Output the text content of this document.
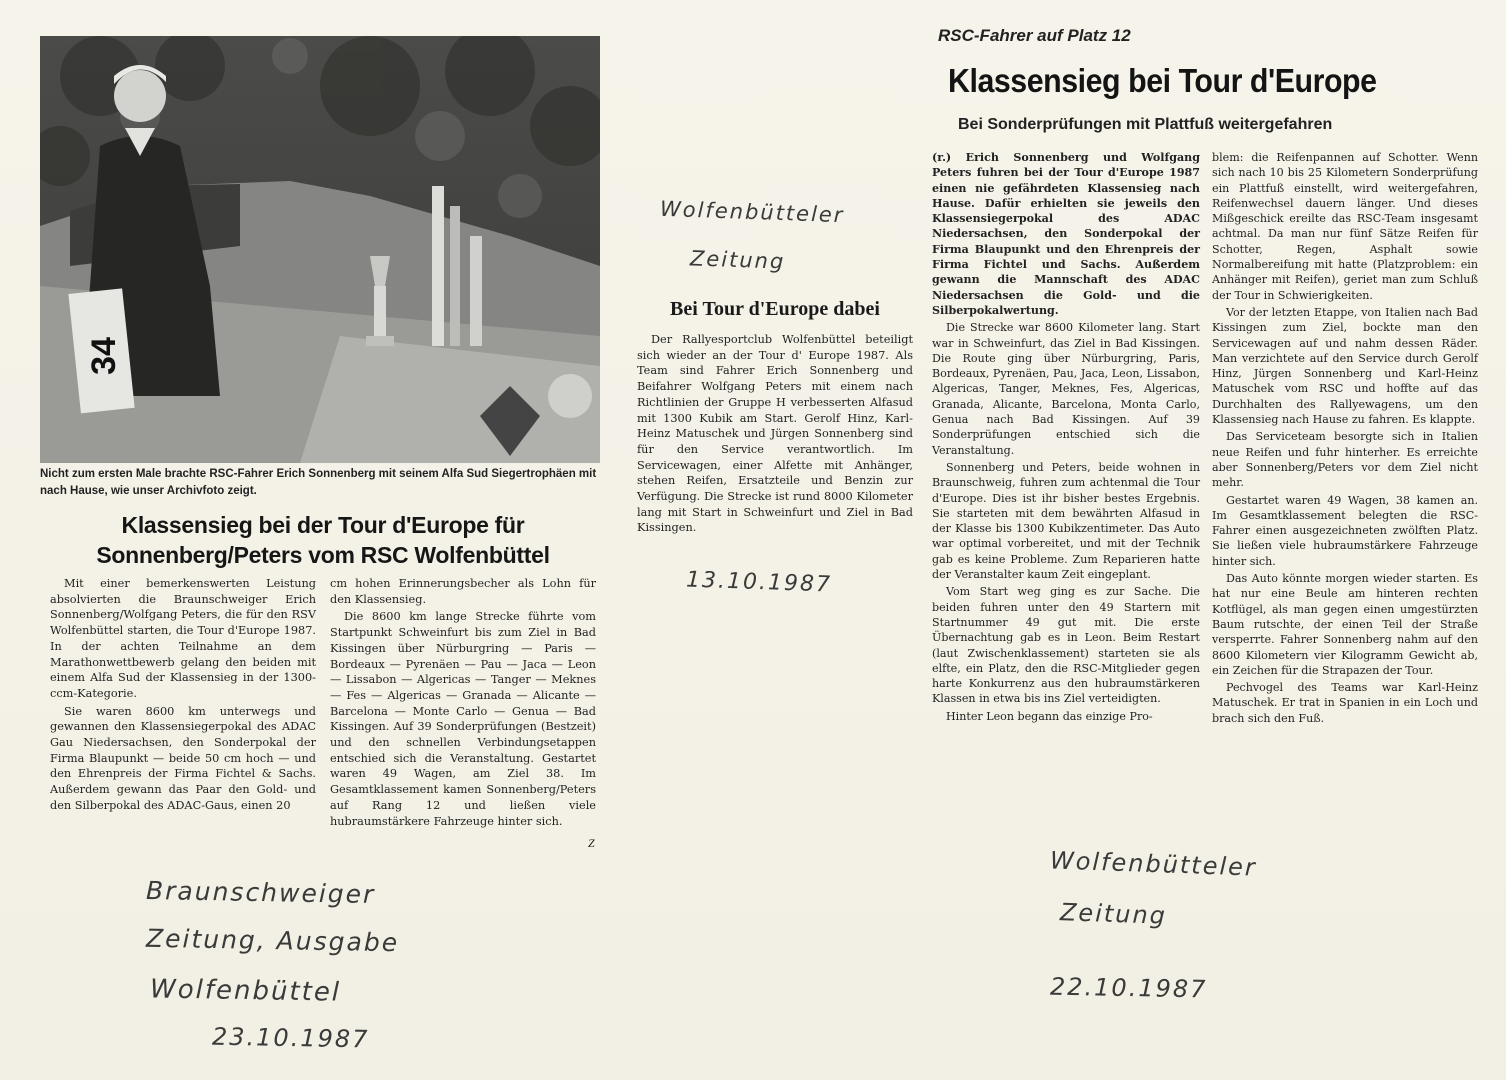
34
Nicht zum ersten Male brachte RSC-Fahrer Erich Sonnenberg mit seinem Alfa Sud Siegertrophäen mit nach Hause, wie unser Archivfoto zeigt.
Klassensieg bei der Tour d'Europe für Sonnenberg/Peters vom RSC Wolfenbüttel

Mit einer bemerkenswerten Leistung absolvierten die Braunschweiger Erich Sonnenberg/Wolfgang Peters, die für den RSV Wolfenbüttel starten, die Tour d'Europe 1987. In der achten Teilnahme an dem Marathonwettbewerb gelang den beiden mit einem Alfa Sud der Klassensieg in der 1300-ccm-Kategorie.

Sie waren 8600 km unterwegs und gewannen den Klassensiegerpokal des ADAC Gau Niedersachsen, den Sonderpokal der Firma Blaupunkt — beide 50 cm hoch — und den Ehrenpreis der Firma Fichtel & Sachs. Außerdem gewann das Paar den Gold- und den Silberpokal des ADAC-Gaus, einen 20

cm hohen Erinnerungsbecher als Lohn für den Klassensieg.

Die 8600 km lange Strecke führte vom Startpunkt Schweinfurt bis zum Ziel in Bad Kissingen über Nürburgring — Paris — Bordeaux — Pyrenäen — Pau — Jaca — Leon — Lissabon — Algericas — Tanger — Meknes — Fes — Algericas — Granada — Alicante — Barcelona — Monte Carlo — Genua — Bad Kissingen. Auf 39 Sonderprüfungen (Bestzeit) und den schnellen Verbindungsetappen entschied sich die Veranstaltung. Gestartet waren 49 Wagen, am Ziel 38. Im Gesamtklassement kamen Sonnenberg/Peters auf Rang 12 und ließen viele hubraumstärkere Fahrzeuge hinter sich.

Z
Braunschweiger
Zeitung, Ausgabe
Wolfenbüttel
23.10.1987
Wolfenbütteler
Zeitung
Bei Tour d'Europe dabei

Der Rallyesportclub Wolfenbüttel beteiligt sich wieder an der Tour d' Europe 1987. Als Team sind Fahrer Erich Sonnenberg und Beifahrer Wolfgang Peters mit einem nach Richtlinien der Gruppe H verbesserten Alfasud mit 1300 Kubik am Start. Gerolf Hinz, Karl-Heinz Matuschek und Jürgen Sonnenberg sind für den Service verantwortlich. Im Servicewagen, einer Alfette mit Anhänger, stehen Reifen, Ersatzteile und Benzin zur Verfügung. Die Strecke ist rund 8000 Kilometer lang mit Start in Schweinfurt und Ziel in Bad Kissingen.

13.10.1987
RSC-Fahrer auf Platz 12
Klassensieg bei Tour d'Europe
Bei Sonderprüfungen mit Plattfuß weitergefahren

(r.) Erich Sonnenberg und Wolfgang Peters fuhren bei der Tour d'Europe 1987 einen nie gefährdeten Klassensieg nach Hause. Dafür erhielten sie jeweils den Klassensiegerpokal des ADAC Niedersachsen, den Sonderpokal der Firma Blaupunkt und den Ehrenpreis der Firma Fichtel und Sachs. Außerdem gewann die Mannschaft des ADAC Niedersachsen die Gold- und die Silberpokalwertung.

Die Strecke war 8600 Kilometer lang. Start war in Schweinfurt, das Ziel in Bad Kissingen. Die Route ging über Nürburgring, Paris, Bordeaux, Pyrenäen, Pau, Jaca, Leon, Lissabon, Algericas, Tanger, Meknes, Fes, Algericas, Granada, Alicante, Barcelona, Monta Carlo, Genua nach Bad Kissingen. Auf 39 Sonderprüfungen entschied sich die Veranstaltung.

Sonnenberg und Peters, beide wohnen in Braunschweig, fuhren zum achtenmal die Tour d'Europe. Dies ist ihr bisher bestes Ergebnis. Sie starteten mit dem bewährten Alfasud in der Klasse bis 1300 Kubikzentimeter. Das Auto war optimal vorbereitet, und mit der Technik gab es keine Probleme. Zum Reparieren hatte der Veranstalter kaum Zeit eingeplant.

Vom Start weg ging es zur Sache. Die beiden fuhren unter den 49 Startern mit Startnummer 49 gut mit. Die erste Übernachtung gab es in Leon. Beim Restart (laut Zwischenklassement) starteten sie als elfte, ein Platz, den die RSC-Mitglieder gegen harte Konkurrenz aus den hubraumstärkeren Klassen in etwa bis ins Ziel verteidigten.

Hinter Leon begann das einzige Pro-

blem: die Reifenpannen auf Schotter. Wenn sich nach 10 bis 25 Kilometern Sonderprüfung ein Plattfuß einstellt, wird weitergefahren, Reifenwechsel dauern länger. Und dieses Mißgeschick ereilte das RSC-Team insgesamt achtmal. Da man nur fünf Sätze Reifen für Schotter, Regen, Asphalt sowie Normalbereifung mit hatte (Platzproblem: ein Anhänger mit Reifen), geriet man zum Schluß der Tour in Schwierigkeiten.

Vor der letzten Etappe, von Italien nach Bad Kissingen zum Ziel, bockte man den Servicewagen auf und nahm dessen Räder. Man verzichtete auf den Service durch Gerolf Hinz, Jürgen Sonnenberg und Karl-Heinz Matuschek vom RSC und hoffte auf das Durchhalten des Rallyewagens, um den Klassensieg nach Hause zu fahren. Es klappte.

Das Serviceteam besorgte sich in Italien neue Reifen und fuhr hinterher. Es erreichte aber Sonnenberg/Peters vor dem Ziel nicht mehr.

Gestartet waren 49 Wagen, 38 kamen an. Im Gesamtklassement belegten die RSC-Fahrer einen ausgezeichneten zwölften Platz. Sie ließen viele hubraumstärkere Fahrzeuge hinter sich.

Das Auto könnte morgen wieder starten. Es hat nur eine Beule am hinteren rechten Kotflügel, als man gegen einen umgestürzten Baum rutschte, der einen Teil der Straße versperrte. Fahrer Sonnenberg nahm auf den 8600 Kilometern vier Kilogramm Gewicht ab, ein Zeichen für die Strapazen der Tour.

Pechvogel des Teams war Karl-Heinz Matuschek. Er trat in Spanien in ein Loch und brach sich den Fuß.

Wolfenbütteler
Zeitung
22.10.1987
